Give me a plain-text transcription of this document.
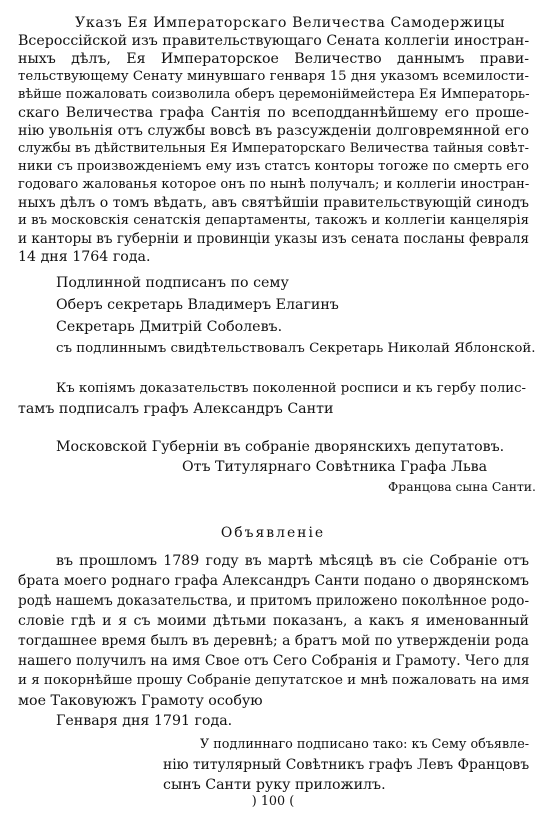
Указъ Ея Императорскаго Величества Самодержицы
Всероссійской изъ правительствующаго Сената коллегіи иностран-
ныхъ дѣлъ, Ея Императорское Величество даннымъ прави-
тельствующему Сенату минувшаго генваря 15 дня указомъ всемилости-
вѣйше пожаловать соизволила оберъ церемоніймейстера Ея Императорь-
скаго Величества графа Сантія по всеподданнѣйшему его проше-
нію увольнія отъ службы вовсѣ въ разсужденіи долговремянной его
службы въ дѣйствительныя Ея Императорскаго Величества тайныя совѣт-
ники съ произвожденіемъ ему изъ статсъ конторы тогоже по смерть его
годоваго жалованья которое онъ по нынѣ получалъ; и коллегіи иностран-
ныхъ дѣлъ о томъ вѣдать, авъ святѣйшіи правительствующій синодъ
и въ московскія сенатскія департаменты, такожъ и коллегіи канцелярія
и канторы въ губерніи и провинціи указы изъ сената посланы февраля
14 дня 1764 года.
Подлинной подписанъ по сему
Оберъ секретарь Владимеръ Елагинъ
Секретарь Дмитрій Соболевъ.
съ подлиннымъ свидѣтельствовалъ Секретарь Николай Яблонской.
Къ копіямъ доказательствъ поколенной росписи и къ гербу полис-
тамъ подписалъ графъ Александръ Санти
Московской Губерніи въ собраніе дворянскихъ депутатовъ.
Отъ Титулярнаго Совѣтника Графа Льва
Францова сына Санти.
Объявленіе
въ прошломъ 1789 году въ мартѣ мѣсяцѣ въ сіе Собраніе отъ
брата моего роднаго графа Александръ Санти подано о дворянскомъ
родѣ нашемъ доказательства, и притомъ приложено поколѣнное родо-
словіе гдѣ и я съ моими дѣтьми показанъ, а какъ я именованный
тогдашнее время былъ въ деревнѣ; а братъ мой по утвержденіи рода
нашего получилъ на имя Свое отъ Сего Собранія и Грамоту. Чего для
и я покорнѣйше прошу Собраніе депутатское и мнѣ пожаловать на имя
мое Таковуюжъ Грамоту особую
Генваря дня 1791 года.
У подлиннаго подписано тако: къ Сему объявле-
нію титулярный Совѣтникъ графъ Левъ Францовъ
сынъ Санти руку приложилъ.
) 100 (
